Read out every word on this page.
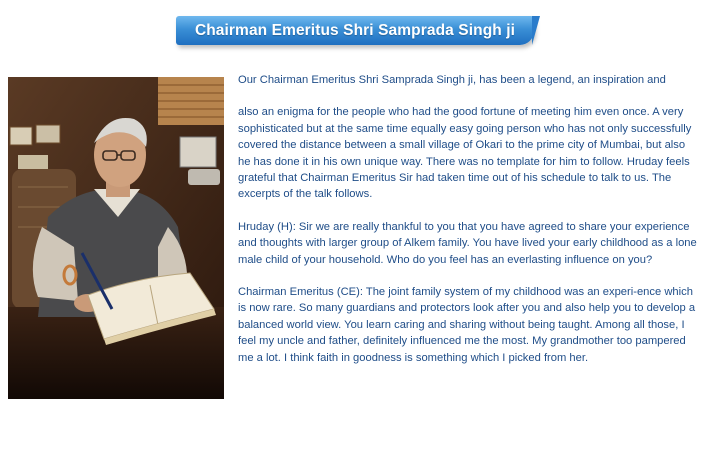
Chairman Emeritus Shri Samprada Singh ji

Our Chairman Emeritus Shri Samprada Singh ji, has been a legend, an inspiration and

also an enigma for the people who had the good fortune of meeting him even once. A very sophisticated but at the same time equally easy going person who has not only successfully covered the distance between a small village of Okari to the prime city of Mumbai, but also he has done it in his own unique way. There was no template for him to follow. Hruday feels grateful that Chairman Emeritus Sir had taken time out of his schedule to talk to us. The excerpts of the talk follows.

Hruday (H): Sir we are really thankful to you that you have agreed to share your experience and thoughts with larger group of Alkem family. You have lived your early childhood as a lone male child of your household. Who do you feel has an everlasting influence on you?

Chairman Emeritus (CE): The joint family system of my childhood was an experi-ence which is now rare. So many guardians and protectors look after you and also help you to develop a balanced world view. You learn caring and sharing without being taught. Among all those, I feel my uncle and father, definitely influenced me the most. My grandmother too pampered me a lot. I think faith in goodness is something which I picked from her.
